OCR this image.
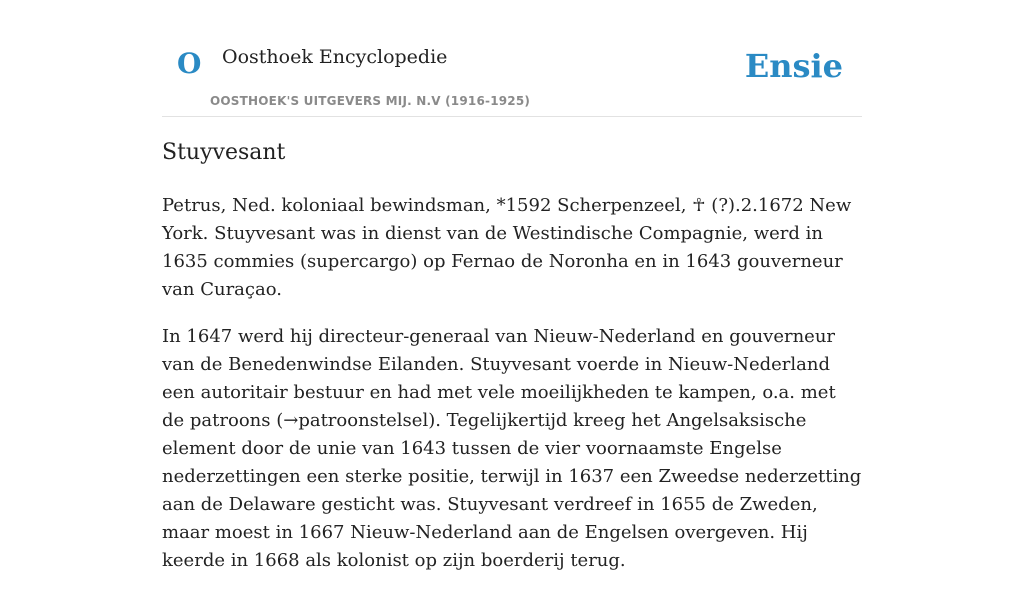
O Oosthoek Encyclopedie
OOSTHOEK'S UITGEVERS MIJ. N.V (1916-1925)
Ensie
Stuyvesant

Petrus, Ned. koloniaal bewindsman, *1592 Scherpenzeel, ☥ (?).2.1672 New York. Stuyvesant was in dienst van de Westindische Compagnie, werd in 1635 commies (supercargo) op Fernao de Noronha en in 1643 gouverneur van Curaçao.

In 1647 werd hij directeur-generaal van Nieuw-Nederland en gouverneur van de Benedenwindse Eilanden. Stuyvesant voerde in Nieuw-Nederland een autoritair bestuur en had met vele moeilijkheden te kampen, o.a. met de patroons (→patroonstelsel). Tegelijkertijd kreeg het Angelsaksische element door de unie van 1643 tussen de vier voornaamste Engelse nederzettingen een sterke positie, terwijl in 1637 een Zweedse nederzetting aan de Delaware gesticht was. Stuyvesant verdreef in 1655 de Zweden, maar moest in 1667 Nieuw-Nederland aan de Engelsen overgeven. Hij keerde in 1668 als kolonist op zijn boerderij terug.
